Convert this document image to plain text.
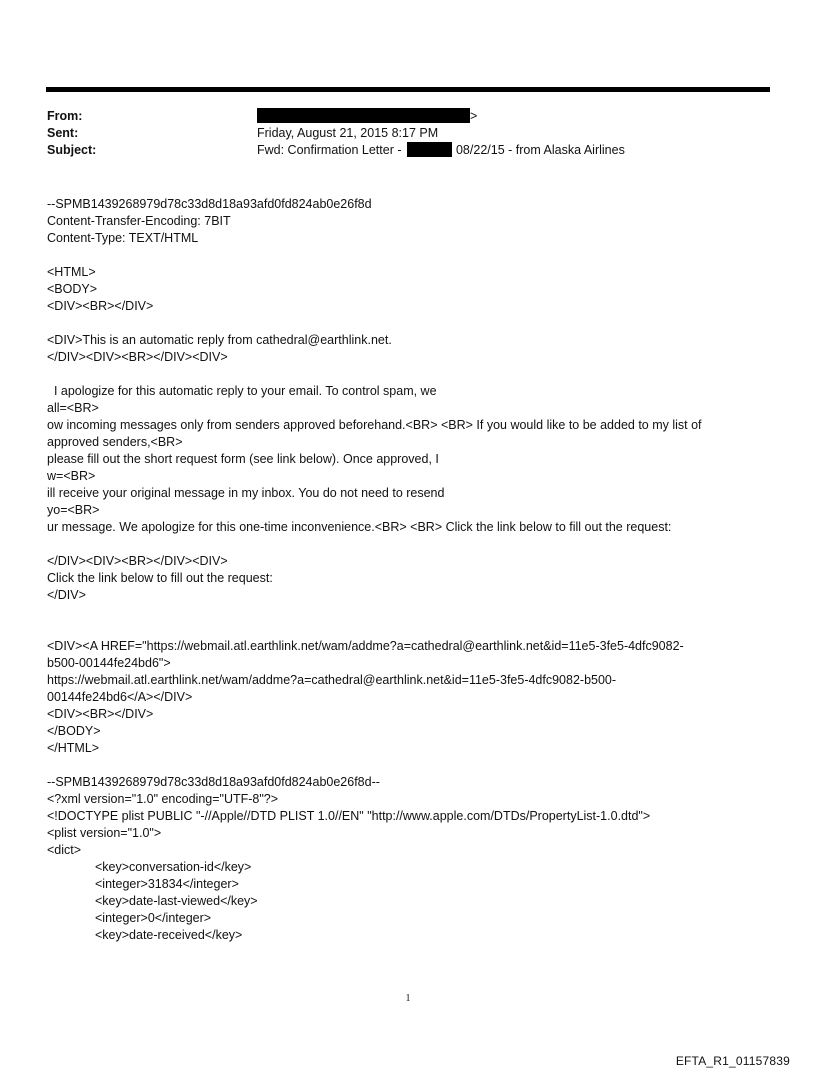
From:	>
Sent:	Friday, August 21, 2015 8:17 PM
Subject:	Fwd: Confirmation Letter -	08/22/15 - from Alaska Airlines
--SPMB1439268979d78c33d8d18a93afd0fd824ab0e26f8d
Content-Transfer-Encoding: 7BIT
Content-Type: TEXT/HTML
<HTML>
<BODY>
<DIV><BR></DIV>
<DIV>This is an automatic reply from cathedral@earthlink.net.
</DIV><DIV><BR></DIV><DIV>
I apologize for this automatic reply to your email. To control spam, we
all=<BR>
ow incoming messages only from senders approved beforehand.<BR> <BR> If you would like to be added to my list of
approved senders,<BR>
please fill out the short request form (see link below). Once approved, I
w=<BR>
ill receive your original message in my inbox. You do not need to resend
yo=<BR>
ur message. We apologize for this one-time inconvenience.<BR> <BR> Click the link below to fill out the request:
</DIV><DIV><BR></DIV><DIV>
Click the link below to fill out the request:
</DIV>
<DIV><A HREF="https://webmail.atl.earthlink.net/wam/addme?a=cathedral@earthlink.net&id=11e5-3fe5-4dfc9082-
b500-00144fe24bd6">
https://webmail.atl.earthlink.net/wam/addme?a=cathedral@earthlink.net&id=11e5-3fe5-4dfc9082-b500-
00144fe24bd6</A></DIV>
<DIV><BR></DIV>
</BODY>
</HTML>
--SPMB1439268979d78c33d8d18a93afd0fd824ab0e26f8d--
<?xml version="1.0" encoding="UTF-8"?>
<!DOCTYPE plist PUBLIC "-//Apple//DTD PLIST 1.0//EN" "http://www.apple.com/DTDs/PropertyList-1.0.dtd">
<plist version="1.0">
<dict>
<key>conversation-id</key>
<integer>31834</integer>
<key>date-last-viewed</key>
<integer>0</integer>
<key>date-received</key>
1
EFTA_R1_01157839
